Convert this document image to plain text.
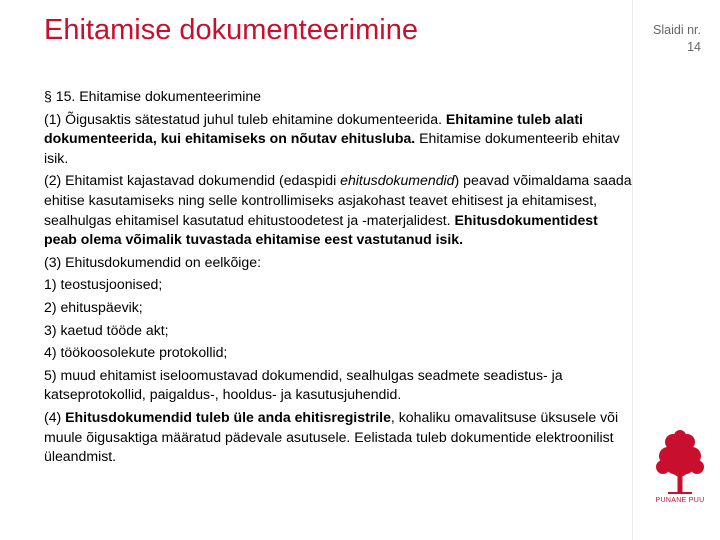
Ehitamise dokumenteerimine	Slaidi nr.
14

§ 15. Ehitamise dokumenteerimine

(1) Õigusaktis sätestatud juhul tuleb ehitamine dokumenteerida. Ehitamine tuleb alati dokumenteerida, kui ehitamiseks on nõutav ehitusluba. Ehitamise dokumenteerib ehitav isik.

(2) Ehitamist kajastavad dokumendid (edaspidi ehitusdokumendid) peavad võimaldama saada ehitise kasutamiseks ning selle kontrollimiseks asjakohast teavet ehitisest ja ehitamisest, sealhulgas ehitamisel kasutatud ehitustoodetest ja -materjalidest. Ehitusdokumentidest peab olema võimalik tuvastada ehitamise eest vastutanud isik.

(3) Ehitusdokumendid on eelkõige:

1) teostusjoonised;

2) ehituspäevik;

3) kaetud tööde akt;

4) töökoosolekute protokollid;

5) muud ehitamist iseloomustavad dokumendid, sealhulgas seadmete seadistus- ja katseprotokollid, paigaldus-, hooldus- ja kasutusjuhendid.

(4) Ehitusdokumendid tuleb üle anda ehitisregistrile, kohaliku omavalitsuse üksusele või muule õigusaktiga määratud pädevale asutusele. Eelistada tuleb dokumentide elektroonilist üleandmist.

PUNANE PUU
